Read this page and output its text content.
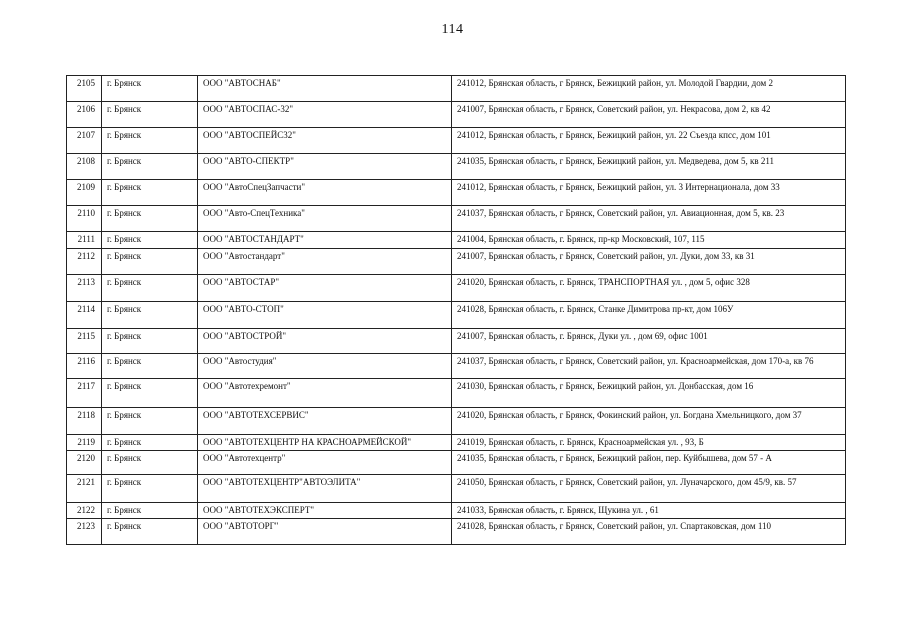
114
2105	г. Брянск	ООО "АВТОСНАБ"	241012, Брянская область, г Брянск, Бежицкий район, ул. Молодой Гвардии, дом 2
2106	г. Брянск	ООО "АВТОСПАС-32"	241007, Брянская область, г Брянск, Советский район, ул. Некрасова, дом 2, кв 42
2107	г. Брянск	ООО "АВТОСПЕЙС32"	241012, Брянская область, г Брянск, Бежицкий район, ул. 22 Съезда кпсс, дом 101
2108	г. Брянск	ООО "АВТО-СПЕКТР"	241035, Брянская область, г Брянск, Бежицкий район, ул. Медведева, дом 5, кв 211
2109	г. Брянск	ООО "АвтоСпецЗапчасти"	241012, Брянская область, г Брянск, Бежицкий район, ул. 3 Интернационала, дом 33
2110	г. Брянск	ООО "Авто-СпецТехника"	241037, Брянская область, г Брянск, Советский район, ул. Авиационная, дом 5, кв. 23
2111	г. Брянск	ООО "АВТОСТАНДАРТ"	241004, Брянская область, г. Брянск, пр-кр Московский, 107, 115
2112	г. Брянск	ООО "Автостандарт"	241007, Брянская область, г Брянск, Советский район, ул. Дуки, дом 33, кв 31
2113	г. Брянск	ООО "АВТОСТАР"	241020, Брянская область, г. Брянск, ТРАНСПОРТНАЯ ул. , дом 5, офис 328
2114	г. Брянск	ООО "АВТО-СТОП"	241028, Брянская область, г. Брянск, Станке Димитрова пр-кт, дом 106У
2115	г. Брянск	ООО "АВТОСТРОЙ"	241007, Брянская область, г. Брянск, Дуки ул. , дом 69, офис 1001
2116	г. Брянск	ООО "Автостудия"	241037, Брянская область, г Брянск, Советский район, ул. Красноармейская, дом 170-а, кв 76
2117	г. Брянск	ООО "Автотехремонт"	241030, Брянская область, г Брянск, Бежицкий район, ул. Донбасская, дом 16
2118	г. Брянск	ООО "АВТОТЕХСЕРВИС"	241020, Брянская область, г Брянск, Фокинский район, ул. Богдана Хмельницкого, дом 37
2119	г. Брянск	ООО "АВТОТЕХЦЕНТР НА КРАСНОАРМЕЙСКОЙ"	241019, Брянская область, г. Брянск, Красноармейская ул. , 93, Б
2120	г. Брянск	ООО "Автотехцентр"	241035, Брянская область, г Брянск, Бежицкий район, пер. Куйбышева, дом 57 - А
2121	г. Брянск	ООО "АВТОТЕХЦЕНТР"АВТОЭЛИТА"	241050, Брянская область, г Брянск, Советский район, ул. Луначарского, дом 45/9, кв. 57
2122	г. Брянск	ООО "АВТОТЕХЭКСПЕРТ"	241033, Брянская область, г. Брянск, Щукина ул. , 61
2123	г. Брянск	ООО "АВТОТОРГ"	241028, Брянская область, г Брянск, Советский район, ул. Спартаковская, дом 110
